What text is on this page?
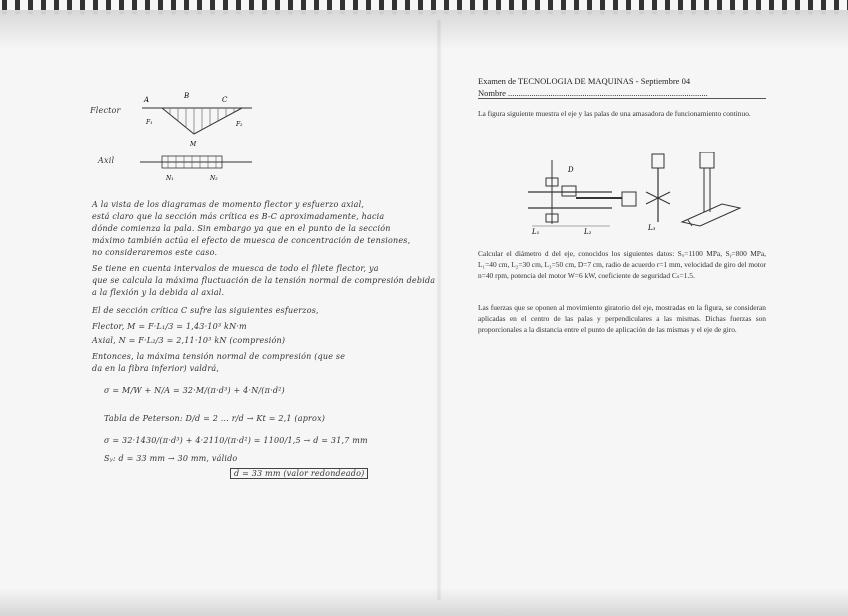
Flector
Axil
A	B	C
F₁	F₂
M
N₁	N₂
A la vista de los diagramas de momento flector y esfuerzo axial,
está claro que la sección más crítica es B-C aproximadamente, hacia
dónde comienza la pala. Sin embargo ya que en el punto de la sección
máximo también actúa el efecto de muesca de concentración de tensiones,
no consideraremos este caso.
Se tiene en cuenta intervalos de muesca de todo el filete flector, ya
que se calcula la máxima fluctuación de la tensión normal de compresión debida
a la flexión y la debida al axial.
El de sección crítica C sufre las siguientes esfuerzos,
Flector, M = F·L₁/3 = 1,43·10³ kN·m
Axial, N = F·L₂/3 = 2,11·10³ kN (compresión)
Entonces, la máxima tensión normal de compresión (que se
da en la fibra inferior) valdrá,
σ = M/W + N/A = 32·M/(π·d³) + 4·N/(π·d²)
Tabla de Peterson: D/d = 2 ... r/d → Kt = 2,1 (aprox)
σ = 32·1430/(π·d³) + 4·2110/(π·d²) = 1100/1,5 → d = 31,7 mm
Sᵧ: d = 33 mm → 30 mm, válido
d = 33 mm (valor redondeado)
Examen de TECNOLOGIA DE MAQUINAS - Septiembre 04
Nombre ..............................................................................................

La figura siguiente muestra el eje y las palas de una amasadora de funcionamiento continuo.

D
L₁	L₂	L₃

Calcular el diámetro d del eje, conocidos los siguientes datos: Sᵤ=1100 MPa, Sᵧ=800 MPa, L₁=40 cm, L₂=30 cm, L₃=50 cm, D=7 cm, radio de acuerdo r=1 mm, velocidad de giro del motor n=40 rpm, potencia del motor W=6 kW, coeficiente de seguridad Cₛ=1.5.

Las fuerzas que se oponen al movimiento giratorio del eje, mostradas en la figura, se consideran aplicadas en el centro de las palas y perpendiculares a las mismas. Dichas fuerzas son proporcionales a la distancia entre el punto de aplicación de las mismas y el eje de giro.
